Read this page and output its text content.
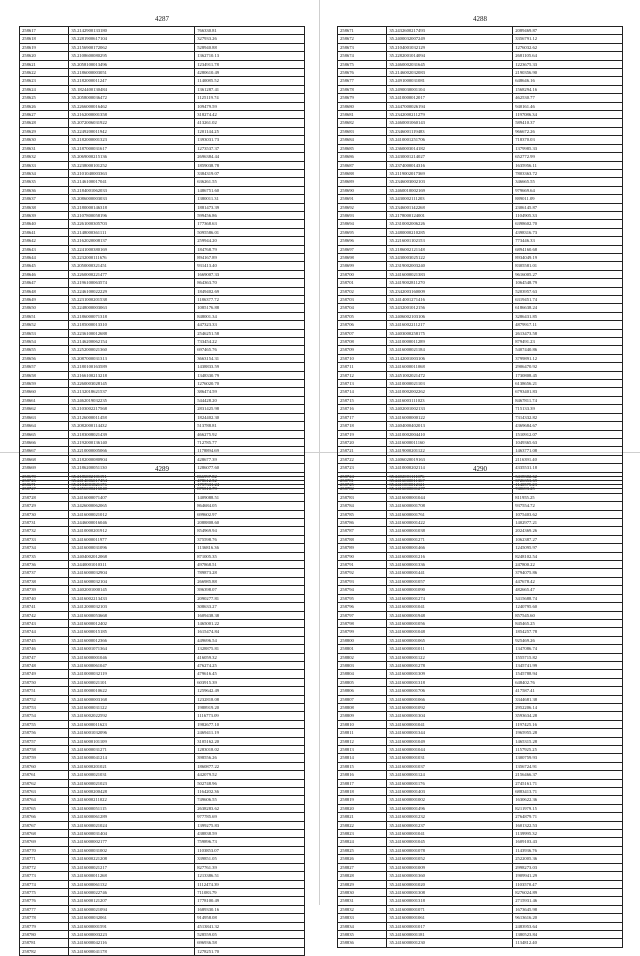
4287
258617	35.2142900133180	766330.81
258618	35.2281900617104	327933.26
258619	35.2156900172062	528940.88
258620	35.2108600080295	1362710.13
258621	35.2058100013496	1234911.78
258622	35.2186000003051	4280610.49
258623	35.2182000011247	1140085.52
258624	35.1824400130484	1361287.41
258625	35.2058000036472	1125119.74
258626	35.2266000016462	109479.59
258627	35.2162000001358	318274.42
258628	35.2072006031922	413261.02
258629	35.2249200011942	1201144.25
258630	35.2182000001323	1393031.73
258631	35.2187000031617	1273537.37
258632	35.2069000215136	2696384.44
258633	35.2238000101252	1859038.78
258634	35.2101040003363	3384319.07
258635	35.2146100017041	636261.55
258636	35.2184001062033	1486751.60
258637	35.2086000003033	1380011.31
258638	35.2180000146318	1881473.39
258639	35.2107800058196	599456.86
258640	35.2261000305703	177368.63
258641	35.2148000361111	5095586.01
258642	35.2162020008137	259944.20
258643	35.2241000380169	184768.79
258644	35.2232000111676	894167.89
258645	35.2050000321451	931413.40
258646	35.2260000221477	1669007.33
258647	35.2196100063574	864363.70
258648	35.2246100022229	1849402.69
258649	35.2231000201538	1186377.72
258650	35.2248000003063	1085176.88
258651	35.2186000071318	848001.34
258652	35.2185000013310	447323.33
258653	35.2236100012688	2546251.58
258654	35.2146200062154	733454.22
258655	35.2252000021360	697465.76
258656	35.2087000031313	3663154.31
258657	35.2180100163589	1438833.59
258658	35.2166100213218	1348330.79
258659	35.2260003028145	1276020.70
258660	35.2132018621537	386474.59
258661	35.2462019032235	544428.20
258662	35.2103002217568	2831425.98
258663	35.2126000011458	1824402.30
258664	35.2082000114432	513788.81
258665	35.2183008021439	466275.92
258666	35.2192000136140	712785.77
258667	35.2210000005066	1178894.69
258668	35.2182000080904	428677.39
258669	35.2186200051130	1286077.60
258670	35.2186002101191	866997.82
258671	35.2184001821176	1757331.24
4288
258671	35.2432600217493	2089469.87
258672	35.2400032007249	3356791.12
258673	35.2104001032129	1276032.62
258674	35.2282001014094	2681105.64
258675	35.2460002031645	1223675.33
258676	35.2146002032083	2190356.90
258677	35.2491000031081	648646.16
258678	35.2490030001104	1568294.16
258679	35.2410000012017	462530.77
258680	35.2447000026194	940161.46
258681	35.2342000211279	1197086.34
258682	35.2460001060143	589410.37
258683	35.2346001119483	966672.26
258684	35.2410001251706	718370.03
258685	35.2360003014182	1379985.33
258686	35.2430001214027	652772.99
258687	35.2374000014316	1635956.11
258688	35.2119002017369	7803363.72
258689	35.2346003002103	346665.55
258690	35.2460010002169	979669.64
258691	35.2430002111203	889011.09
258692	35.2346001142268	2306145.87
258693	35.2178000124001	1104905.33
258694	35.2310002006226	6398602.70
258695	35.2480000210285	4398316.73
258696	35.2216001102153	773446.33
258697	35.2186002121148	6894160.68
258698	35.2430003025122	8934049.19
258699	35.2319002003240	8305581.01
258700	35.2416000021383	9616005.27
258701	35.2419002811270	1064548.79
258702	35.2342003160009	5203957.63
258703	35.2414001271416	6319451.74
258704	35.2432001012156	6186638.24
258705	35.2406002103106	3286431.85
258706	35.2416002211217	4879917.11
258707	35.2403000258175	2613473.58
258708	35.2410000011289	879491.23
258709	35.2416000021184	5407440.86
258710	35.2142001003106	3799891.12
258711	35.2416000011068	2906470.92
258712	35.2451002021472	1730808.45
258713	35.2410000021103	6138656.21
258714	35.2410002002262	6793401.83
258715	35.2416003111023	8467811.74
258716	35.2402001002133	715133.39
258717	35.2416000000122	7314332.82
258718	35.2404000402013	4369684.67
258719	35.2410002004410	1510912.07
258720	35.2416000011160	1049365.63
258721	35.2419000201122	1463771.08
258722	35.2406020019163	2116391.40
258723	35.2410000202114	4335531.18
258724	35.2402001111076	3418302.62
258725	35.2411000012121	1140575.23
4289
258726	35.2414006017454	478612.52
258727	35.2456000216040	875510.79
258728	35.2416000071407	1409088.51
258729	35.2426000062065	864684.05
258730	35.2416000021012	699602.97
258731	35.2446000016046	2088808.60
258732	35.2410000201912	854969.94
258733	35.2416000011977	375598.76
258734	35.2416000031096	1136816.36
258735	35.2404002012068	871005.35
258736	35.2440001010311	497868.51
258737	35.2416000032904	789873.28
258738	35.2416000032104	266985.88
258739	35.2402001000145	396398.07
258740	35.2416002213433	2090277.81
258741	35.2412000032103	308633.27
258742	35.2416000053668	1609438.38
258743	35.2416000012402	1465001.22
258744	35.2416000015185	1615474.84
258745	35.2416000012366	449696.54
258746	35.2416001071364	1328875.81
258747	35.2416000001046	416059.32
258748	35.2416000061047	476274.25
258749	35.2410000032119	479616.45
258750	35.2416000021101	603915.39
258751	35.2410000010622	1259642.49
258752	35.2416000003168	1232818.08
258753	35.2416000031122	1988919.20
258754	35.2416002022592	1116773.09
258755	35.2416000011623	1982677.10
258756	35.2416001032096	2469411.19
258757	35.2416000101109	3105162.20
258758	35.2416000031271	1283018.02
258759	35.2416000041214	398556.26
258760	35.2416000201021	1860877.22
258761	35.2416000021031	442079.52
258762	35.2416000021023	502748.96
258763	35.2416000200428	1164202.36
258764	35.2416000211022	749606.55
258765	35.2416000051115	2638283.62
258766	35.2416000061289	977785.69
258767	35.2416000021024	1399275.83
258768	35.2416000031404	438838.59
258769	35.2416000002177	759896.73
258770	35.2416000031002	1103853.07
258771	35.2416000221208	339851.05
258772	35.2416000021217	827761.39
258773	35.2416000011268	1213386.51
258774	35.2416000061132	1112474.39
258775	35.2416000022746	711083.79
258776	35.2416000121207	1778100.49
258777	35.2416000021094	1689330.16
258778	35.2416000032061	914958.08
258779	35.2416000001591	4513841.32
258780	35.2416000003223	528559.05
258781	35.2416000042116	696936.58
258782	35.2416000041178	1278251.70
4290
258781	35.2416000011367	3726353.69
258782	35.2416000001277	740693.25
258783	35.2416000001044	811955.25
258784	35.2416000001708	937554.72
258785	35.2416000001761	1075403.62
258786	35.2416000001422	1402977.21
258787	35.2416000001038	2024369.26
258788	35.2416000001271	1062387.27
258789	35.2416000001466	1245095.97
258790	35.2416000001216	8248102.54
258791	35.2416000001336	247800.22
258792	35.2416000001441	3794075.86
258793	35.2416000001057	447678.42
258794	35.2416000001090	482665.47
258795	35.2416000001274	3415688.74
258796	35.2416000001041	1240795.60
258797	35.2416000001948	857545.60
258798	35.2416000001056	845465.25
258799	35.2416000001048	1854257.78
258800	35.2416000001065	925469.26
258801	35.2416000001011	1347086.74
258802	35.2416000001122	1555715.82
258803	35.2416000001278	1345741.99
258804	35.2416000001309	1545788.94
258805	35.2416000001318	648402.76
258806	35.2416000001706	417587.41
258807	35.2416000001066	3344681.38
258808	35.2416000001092	2952206.14
258809	35.2416000001304	3593634.28
258810	35.2416000001041	1197425.16
258811	35.2416000001344	1965955.28
258812	35.2416000001049	1465315.28
258813	35.2416000001044	1157925.25
258814	35.2416000001031	1300759.93
258815	35.2416000001037	1356724.91
258816	35.2416000001124	2156466.37
258817	35.2416000001176	2745161.71
258818	35.2416000001403	6883413.71
258819	35.2416000001002	1630622.36
258820	35.2416000001496	8211979.15
258821	35.2416000001232	2764879.71
258822	35.2416000001237	1601322.53
258823	35.2416000001041	1139995.32
258824	35.2416000001045	1609103.43
258825	35.2416000001078	1143936.76
258826	35.2416000001052	2522005.36
258827	35.2416000001009	2998273.03
258828	35.2416000001360	1909941.29
258829	35.2416000001020	1103570.47
258830	35.2416000001308	8276024.89
258831	35.2416000001318	2715931.46
258832	35.2416000001071	1673645.98
258833	35.2416000001061	9613616.20
258834	35.2416000001017	2483953.64
258835	35.2416000001181	1380523.84
258836	35.2416000001230	1134812.40
